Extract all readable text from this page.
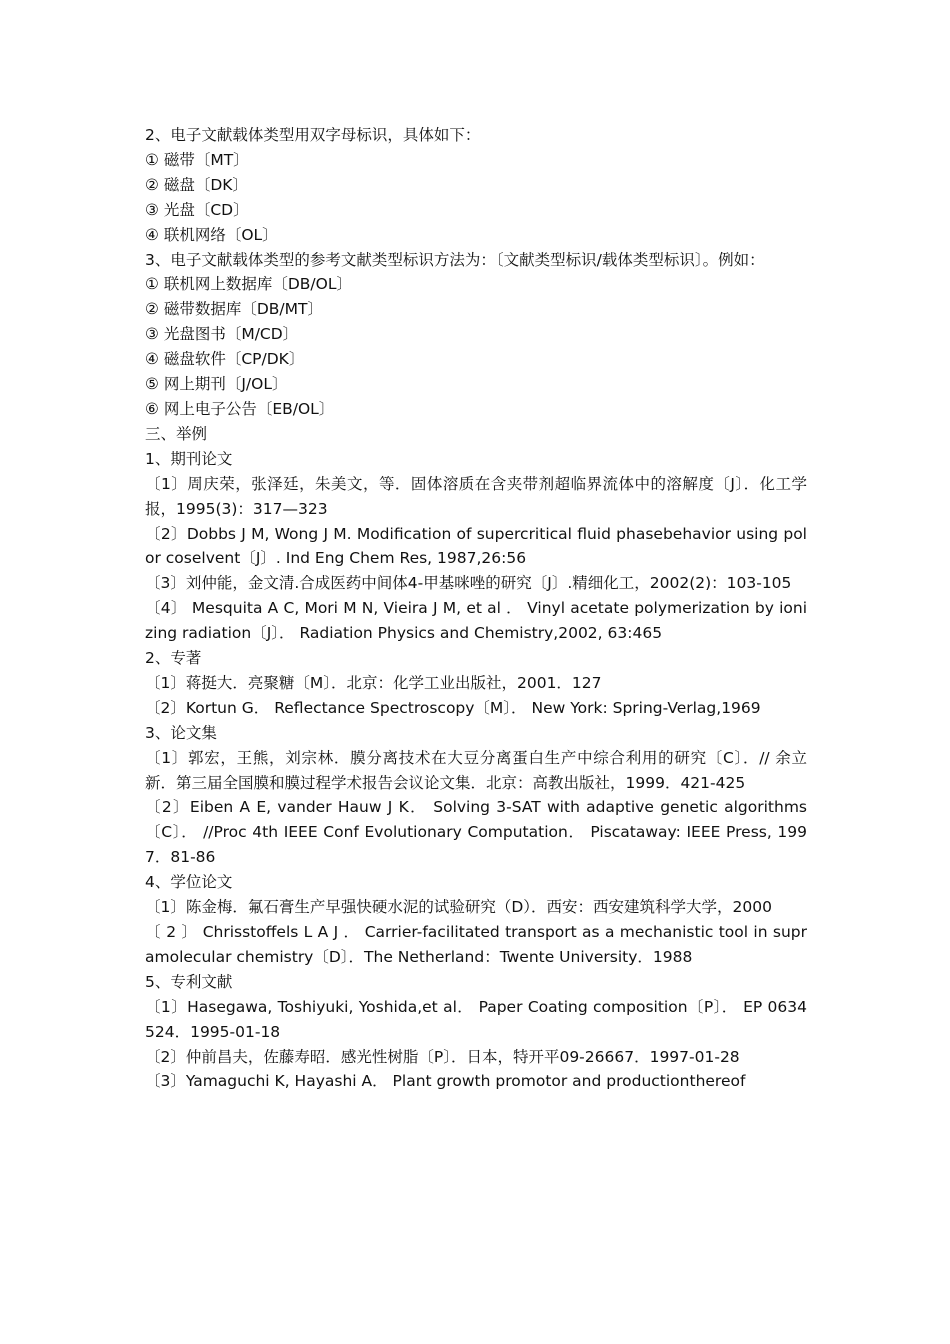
2、电子文献载体类型用双字母标识，具体如下：
① 磁带〔MT〕
② 磁盘〔DK〕
③ 光盘〔CD〕
④ 联机网络〔OL〕
3、电子文献载体类型的参考文献类型标识方法为：〔文献类型标识/载体类型标识〕。例如：
① 联机网上数据库〔DB/OL〕
② 磁带数据库〔DB/MT〕
③ 光盘图书〔M/CD〕
④ 磁盘软件〔CP/DK〕
⑤ 网上期刊〔J/OL〕
⑥ 网上电子公告〔EB/OL〕
三、举例
1、期刊论文
〔1〕周庆荣，张泽廷，朱美文，等．固体溶质在含夹带剂超临界流体中的溶解度〔J〕．化工学报，1995(3)：317—323
〔2〕Dobbs J M, Wong J M. Modification of supercritical fluid phasebehavior using polor coselvent〔J〕. Ind Eng Chem Res, 1987,26:56
〔3〕刘仲能，金文清.合成医药中间体4-甲基咪唑的研究〔J〕.精细化工，2002(2)：103-105
〔4〕 Mesquita A C, Mori M N, Vieira J M, et al ． Vinyl acetate polymerization by ionizing radiation〔J〕． Radiation Physics and Chemistry,2002, 63:465
2、专著
〔1〕蒋挺大．亮聚糖〔M〕．北京：化学工业出版社，2001．127
〔2〕Kortun G． Reflectance Spectroscopy〔M〕． New York: Spring-Verlag,1969
3、论文集
〔1〕郭宏，王熊，刘宗林．膜分离技术在大豆分离蛋白生产中综合利用的研究〔C〕．// 余立新．第三届全国膜和膜过程学术报告会议论文集．北京：高教出版社，1999．421-425
〔2〕Eiben A E, vander Hauw J K． Solving 3-SAT with adaptive genetic algorithms〔C〕． //Proc 4th IEEE Conf Evolutionary Computation． Piscataway: IEEE Press, 1997．81-86
4、学位论文
〔1〕陈金梅．氟石膏生产早强快硬水泥的试验研究（D）．西安：西安建筑科学大学，2000
〔 2 〕 Chrisstoffels L A J ． Carrier-facilitated transport as a mechanistic tool in supramolecular chemistry〔D〕．The Netherland：Twente University．1988
5、专利文献
〔1〕Hasegawa, Toshiyuki, Yoshida,et al． Paper Coating composition〔P〕． EP 0634524．1995-01-18
〔2〕仲前昌夫，佐藤寿昭．感光性树脂〔P〕．日本，特开平09-26667．1997-01-28
〔3〕Yamaguchi K, Hayashi A． Plant growth promotor and productionthereof
